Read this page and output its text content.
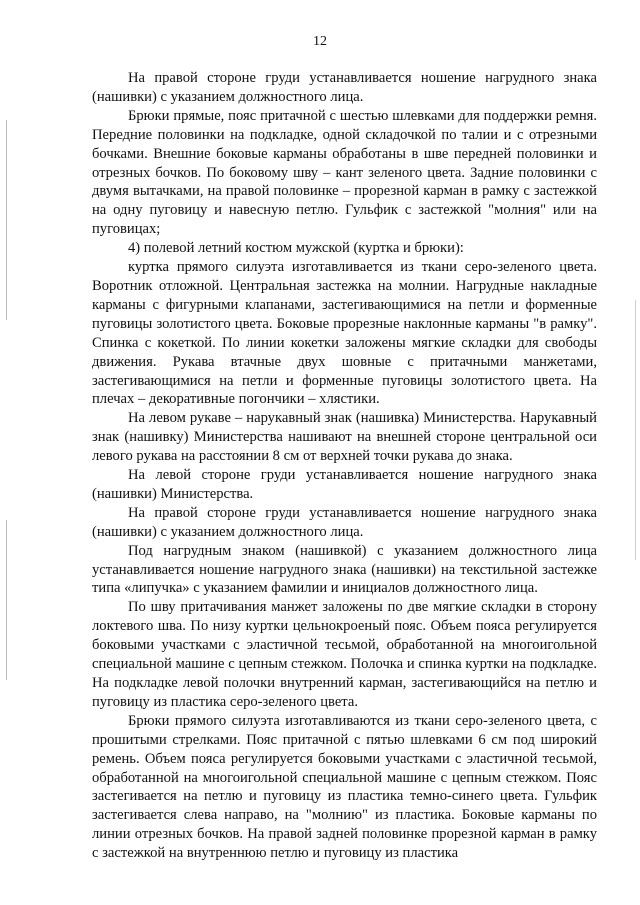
12

На правой стороне груди устанавливается ношение нагрудного знака (нашивки) с указанием должностного лица.

Брюки прямые, пояс притачной с шестью шлевками для поддержки ремня. Передние половинки на подкладке, одной складочкой по талии и с отрезными бочками. Внешние боковые карманы обработаны в шве передней половинки и отрезных бочков. По боковому шву – кант зеленого цвета. Задние половинки с двумя вытачками, на правой половинке – прорезной карман в рамку с застежкой на одну пуговицу и навесную петлю. Гульфик с застежкой "молния" или на пуговицах;

4) полевой летний костюм мужской (куртка и брюки):

куртка прямого силуэта изготавливается из ткани серо-зеленого цвета. Воротник отложной. Центральная застежка на молнии. Нагрудные накладные карманы с фигурными клапанами, застегивающимися на петли и форменные пуговицы золотистого цвета. Боковые прорезные наклонные карманы "в рамку". Спинка с кокеткой. По линии кокетки заложены мягкие складки для свободы движения. Рукава втачные двух шовные с притачными манжетами, застегивающимися на петли и форменные пуговицы золотистого цвета. На плечах – декоративные погончики – хлястики.

На левом рукаве – нарукавный знак (нашивка) Министерства. Нарукавный знак (нашивку) Министерства нашивают на внешней стороне центральной оси левого рукава на расстоянии 8 см от верхней точки рукава до знака.

На левой стороне груди устанавливается ношение нагрудного знака (нашивки) Министерства.

На правой стороне груди устанавливается ношение нагрудного знака (нашивки) с указанием должностного лица.

Под нагрудным знаком (нашивкой) с указанием должностного лица устанавливается ношение нагрудного знака (нашивки) на текстильной застежке типа «липучка» с указанием фамилии и инициалов должностного лица.

По шву притачивания манжет заложены по две мягкие складки в сторону локтевого шва. По низу куртки цельнокроеный пояс. Объем пояса регулируется боковыми участками с эластичной тесьмой, обработанной на многоигольной специальной машине с цепным стежком. Полочка и спинка куртки на подкладке. На подкладке левой полочки внутренний карман, застегивающийся на петлю и пуговицу из пластика серо-зеленого цвета.

Брюки прямого силуэта изготавливаются из ткани серо-зеленого цвета, с прошитыми стрелками. Пояс притачной с пятью шлевками 6 см под широкий ремень. Объем пояса регулируется боковыми участками с эластичной тесьмой, обработанной на многоигольной специальной машине с цепным стежком. Пояс застегивается на петлю и пуговицу из пластика темно-синего цвета. Гульфик застегивается слева направо, на "молнию" из пластика. Боковые карманы по линии отрезных бочков. На правой задней половинке прорезной карман в рамку с застежкой на внутреннюю петлю и пуговицу из пластика
